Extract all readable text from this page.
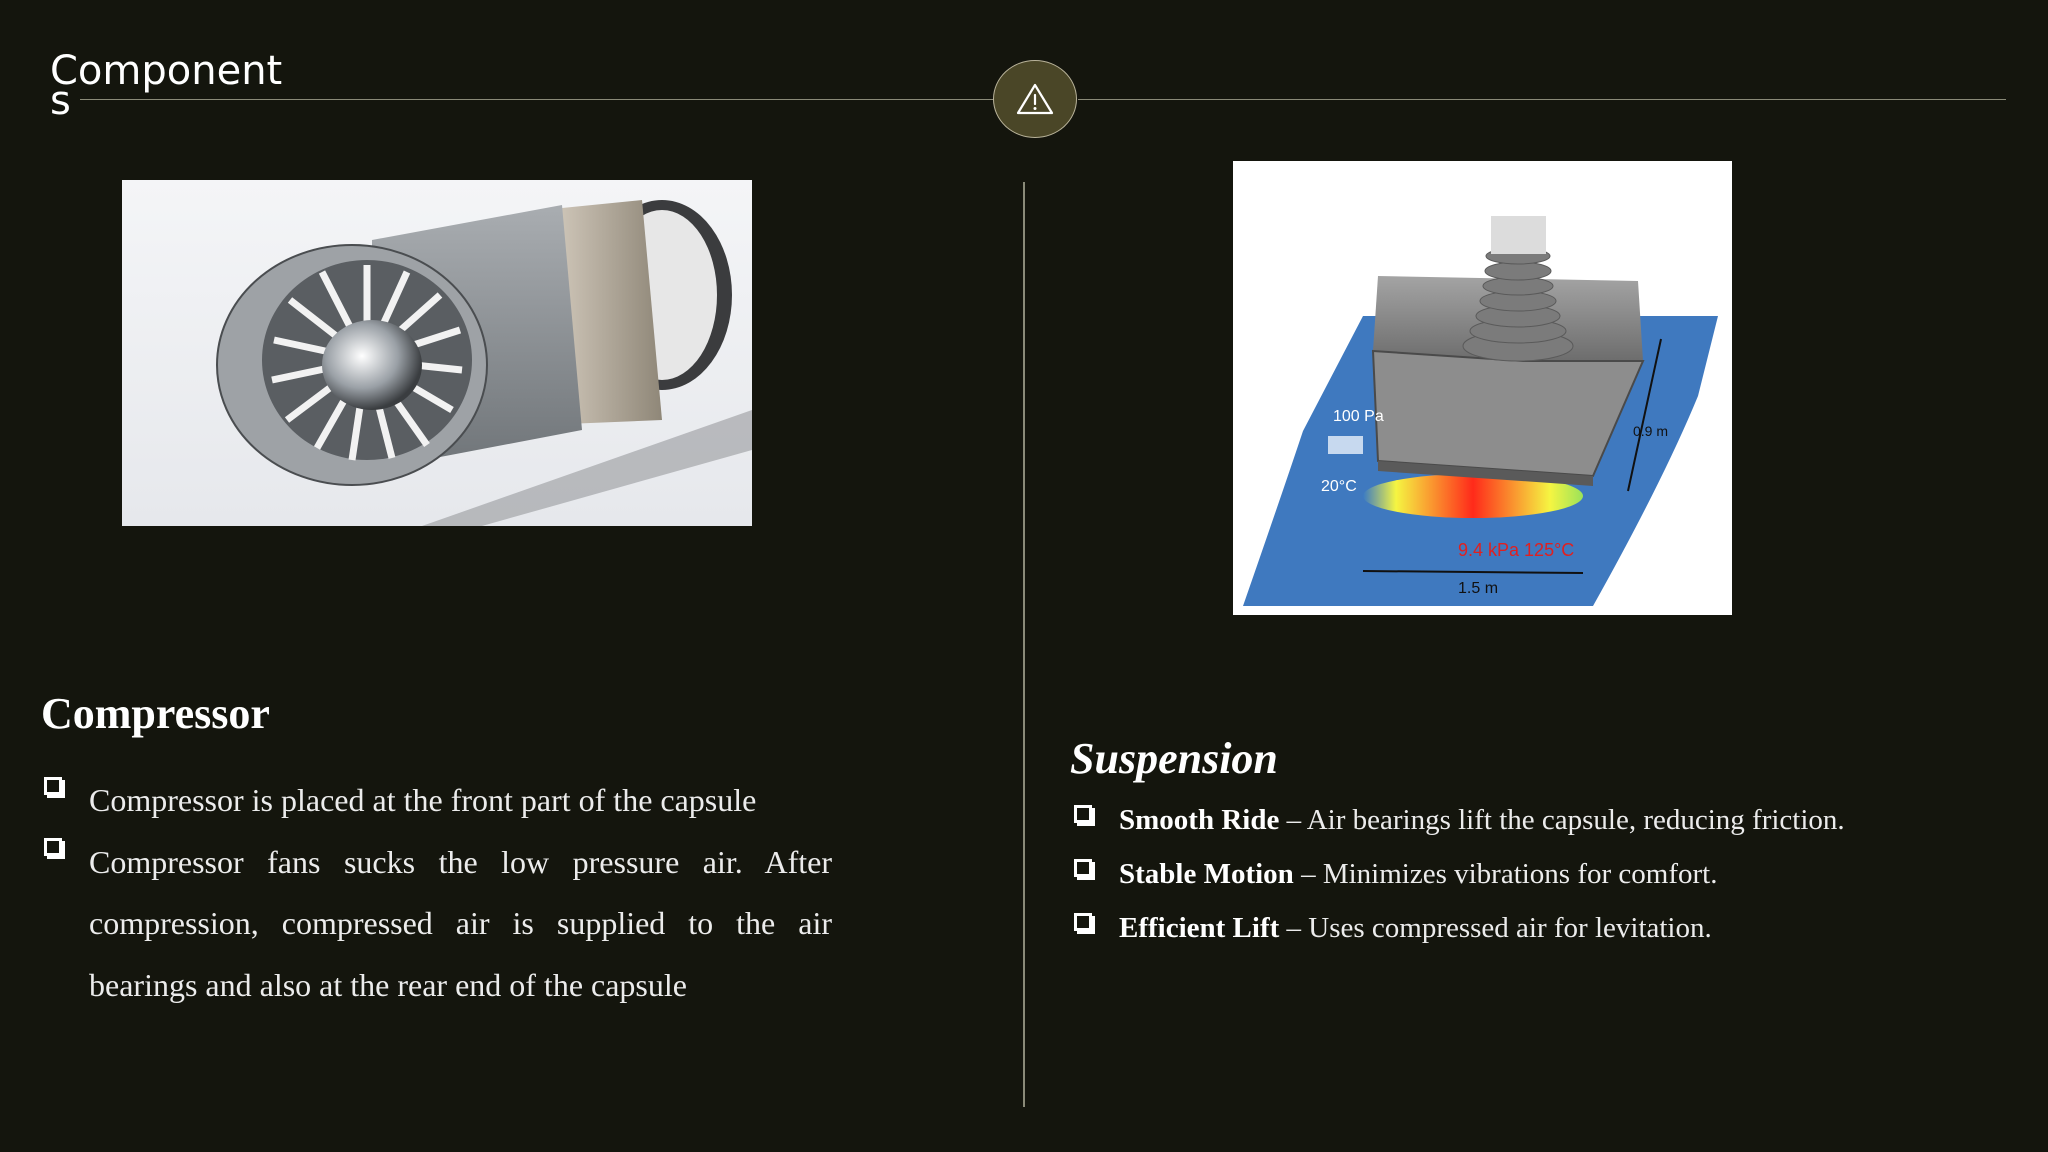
Components
100 Pa
20°C
9.4 kPa 125°C
1.5 m
0.9 m
Compressor
Compressor is placed at the front part of the capsule
Compressor fans sucks the low pressure air. After compression, compressed air is supplied to the air bearings and also at the rear end of the capsule
Suspension
Smooth Ride – Air bearings lift the capsule, reducing friction.
Stable Motion – Minimizes vibrations for comfort.
Efficient Lift – Uses compressed air for levitation.
